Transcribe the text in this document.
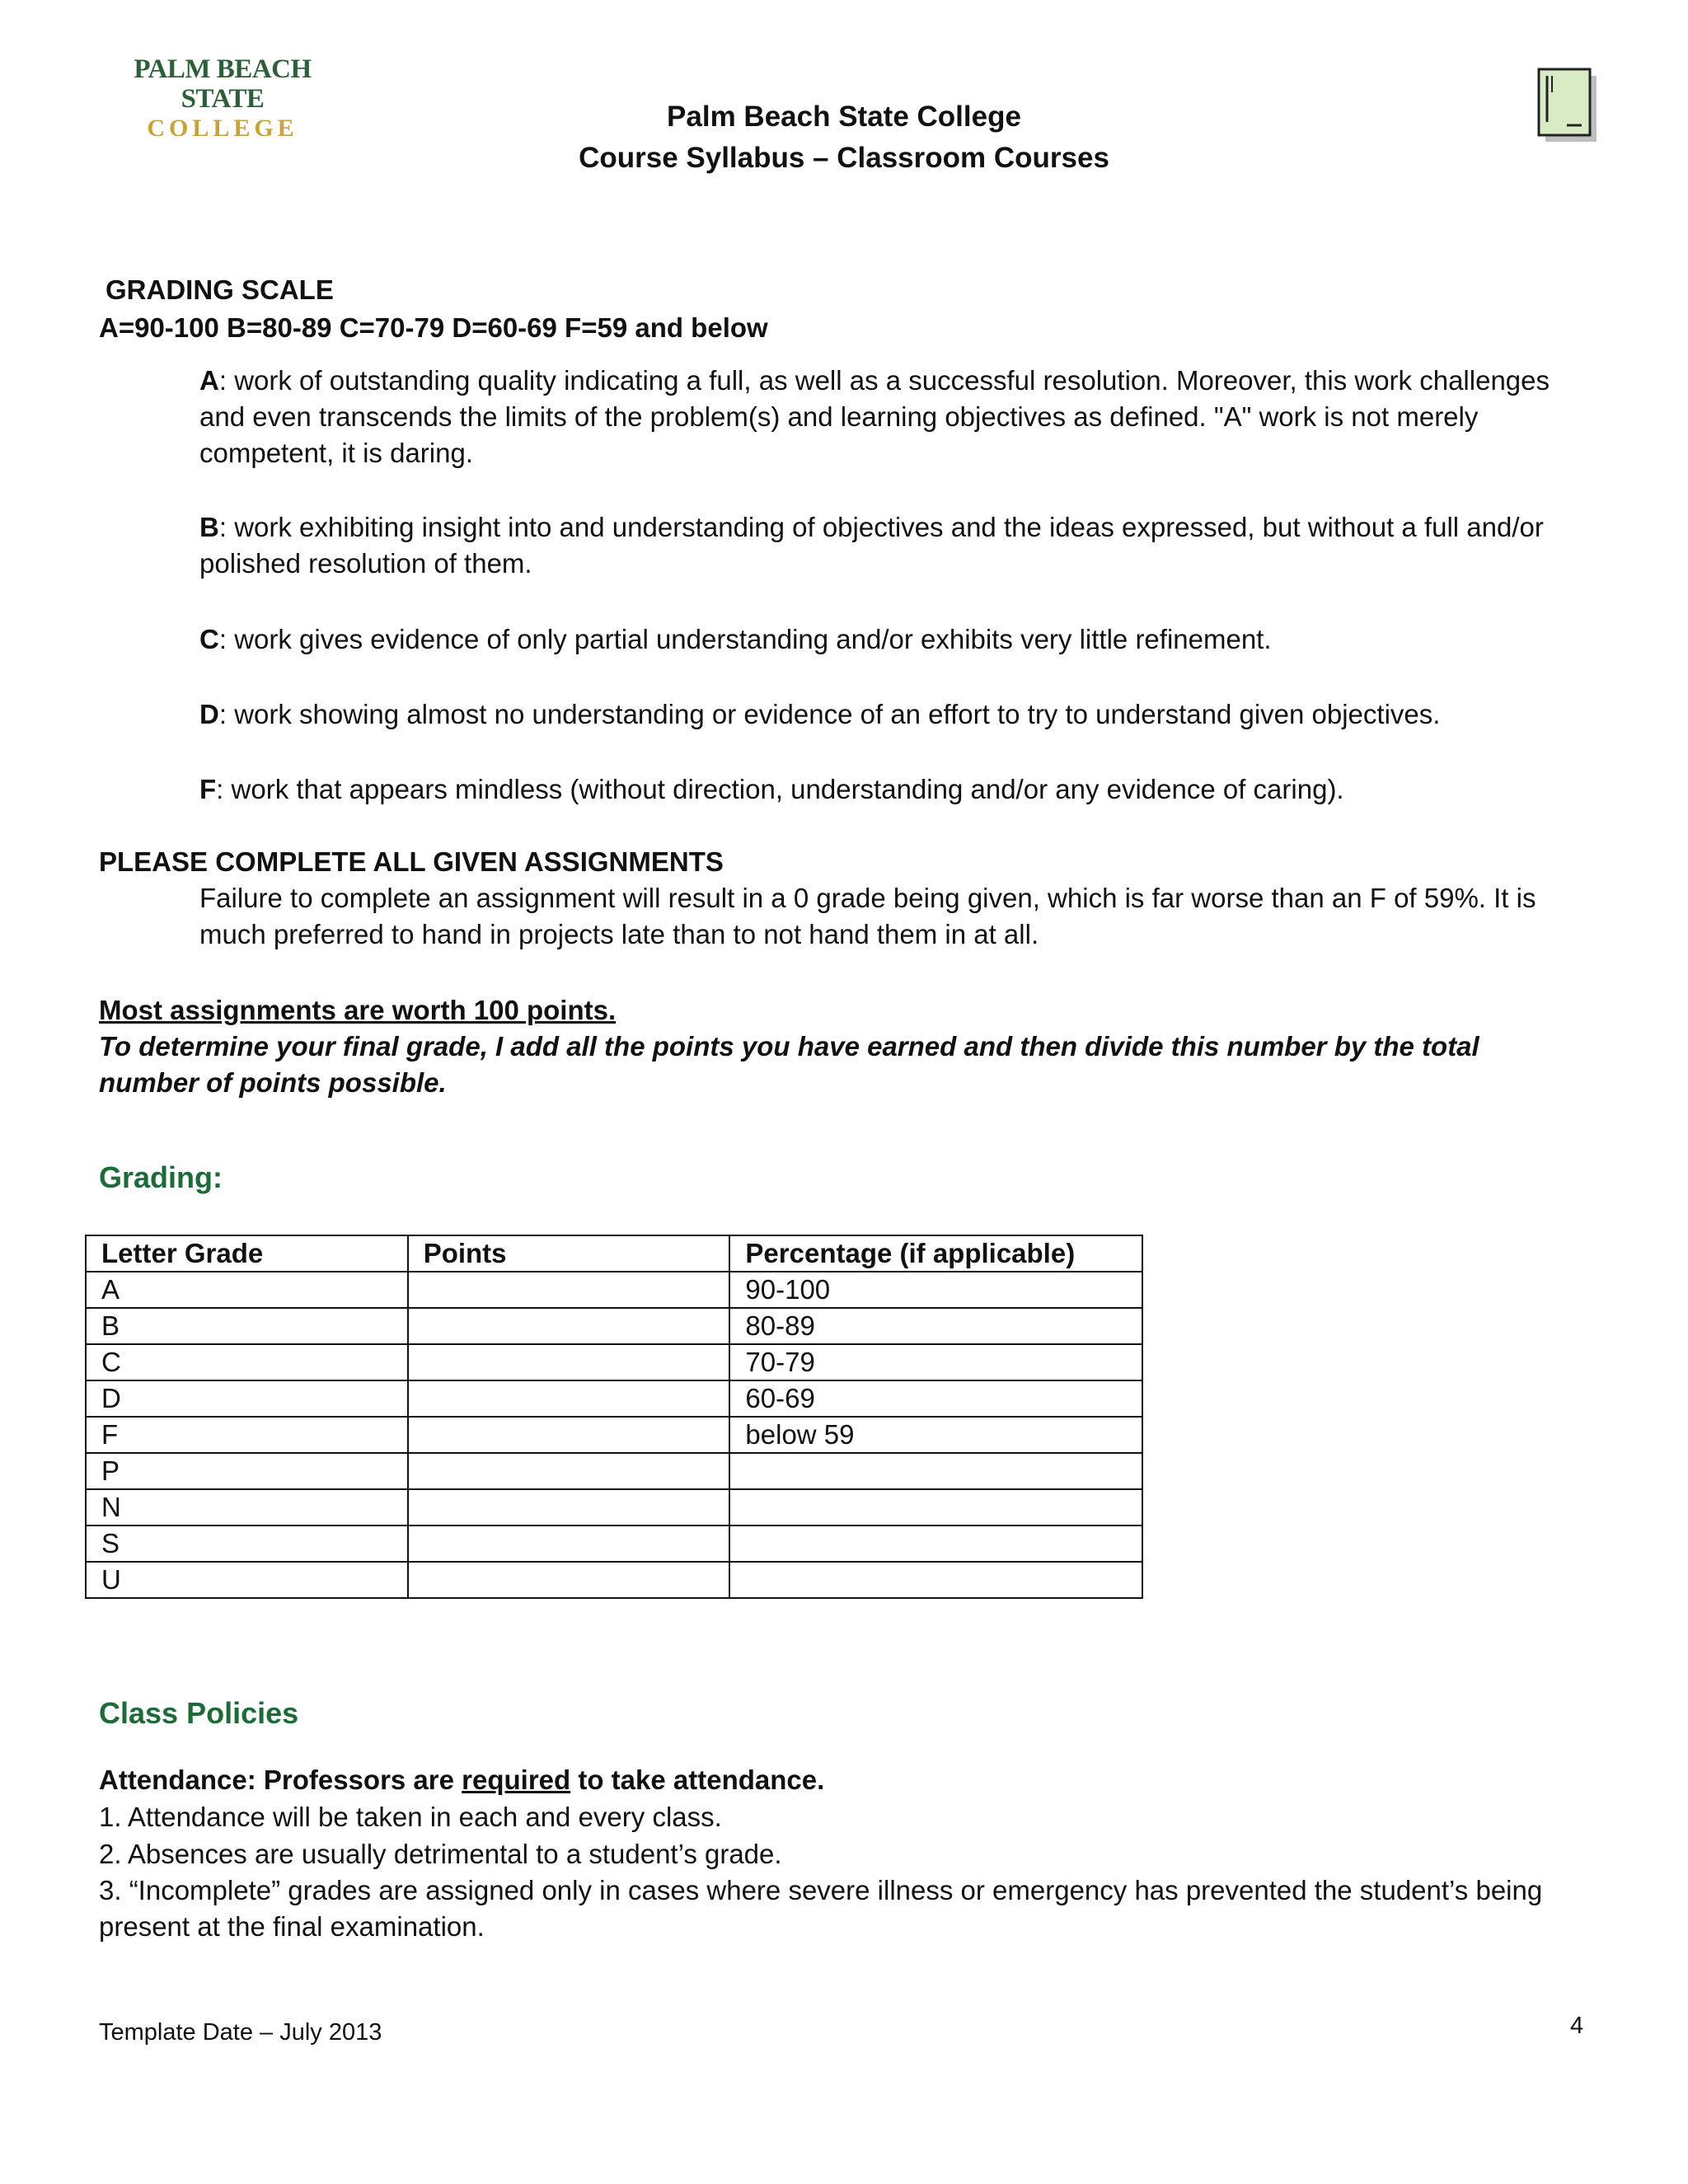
PALM BEACH STATE
COLLEGE	Palm Beach State College
Course Syllabus – Classroom Courses
GRADING SCALE
A=90-100 B=80-89 C=70-79 D=60-69 F=59 and below
A: work of outstanding quality indicating a full, as well as a successful resolution. Moreover, this work challenges and even transcends the limits of the problem(s) and learning objectives as defined. "A" work is not merely competent, it is daring.
B: work exhibiting insight into and understanding of objectives and the ideas expressed, but without a full and/or polished resolution of them.
C: work gives evidence of only partial understanding and/or exhibits very little refinement.
D: work showing almost no understanding or evidence of an effort to try to understand given objectives.
F: work that appears mindless (without direction, understanding and/or any evidence of caring).
PLEASE COMPLETE ALL GIVEN ASSIGNMENTS
Failure to complete an assignment will result in a 0 grade being given, which is far worse than an F of 59%. It is much preferred to hand in projects late than to not hand them in at all.
Most assignments are worth 100 points.
To determine your final grade, I add all the points you have earned and then divide this number by the total number of points possible.
Grading:
Letter Grade	Points	Percentage (if applicable)
A		90-100
B		80-89
C		70-79
D		60-69
F		below 59
P		
N		
S		
U		
Class Policies
Attendance: Professors are required to take attendance.
1. Attendance will be taken in each and every class.
2. Absences are usually detrimental to a student’s grade.
3. “Incomplete” grades are assigned only in cases where severe illness or emergency has prevented the student’s being present at the final examination.
Template Date – July 2013	4
